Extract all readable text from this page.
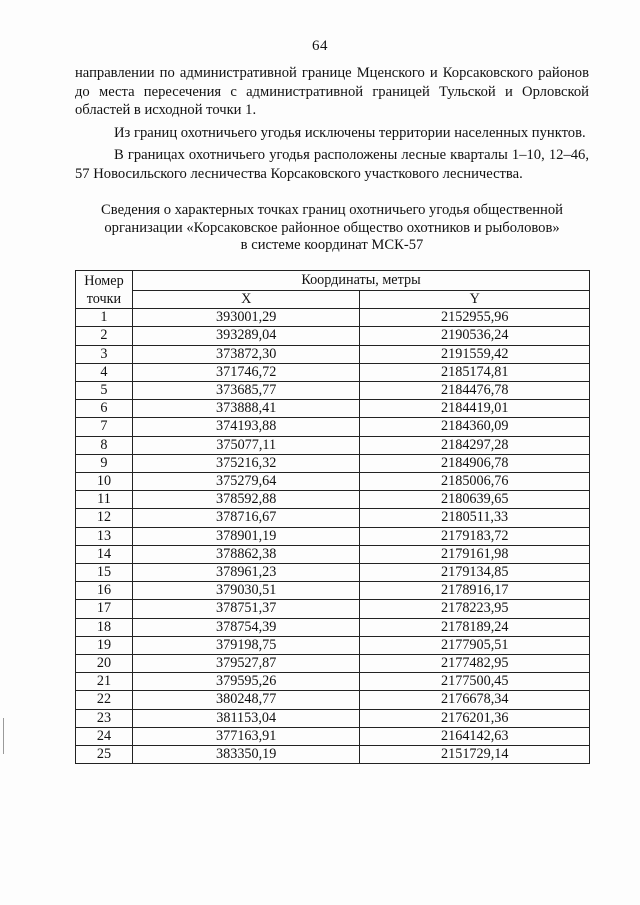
64

направлении по административной границе Мценского и Корсаковского районов до места пересечения с административной границей Тульской и Орловской областей в исходной точки 1.

Из границ охотничьего угодья исключены территории населенных пунктов.

В границах охотничьего угодья расположены лесные кварталы 1–10, 12–46, 57 Новосильского лесничества Корсаковского участкового лесничества.

Сведения о характерных точках границ охотничьего угодья общественной
организации «Корсаковское районное общество охотников и рыболовов»
в системе координат МСК-57
Номер
точки	Координаты, метры	
	X	Y
1	393001,29	2152955,96
2	393289,04	2190536,24
3	373872,30	2191559,42
4	371746,72	2185174,81
5	373685,77	2184476,78
6	373888,41	2184419,01
7	374193,88	2184360,09
8	375077,11	2184297,28
9	375216,32	2184906,78
10	375279,64	2185006,76
11	378592,88	2180639,65
12	378716,67	2180511,33
13	378901,19	2179183,72
14	378862,38	2179161,98
15	378961,23	2179134,85
16	379030,51	2178916,17
17	378751,37	2178223,95
18	378754,39	2178189,24
19	379198,75	2177905,51
20	379527,87	2177482,95
21	379595,26	2177500,45
22	380248,77	2176678,34
23	381153,04	2176201,36
24	377163,91	2164142,63
25	383350,19	2151729,14
